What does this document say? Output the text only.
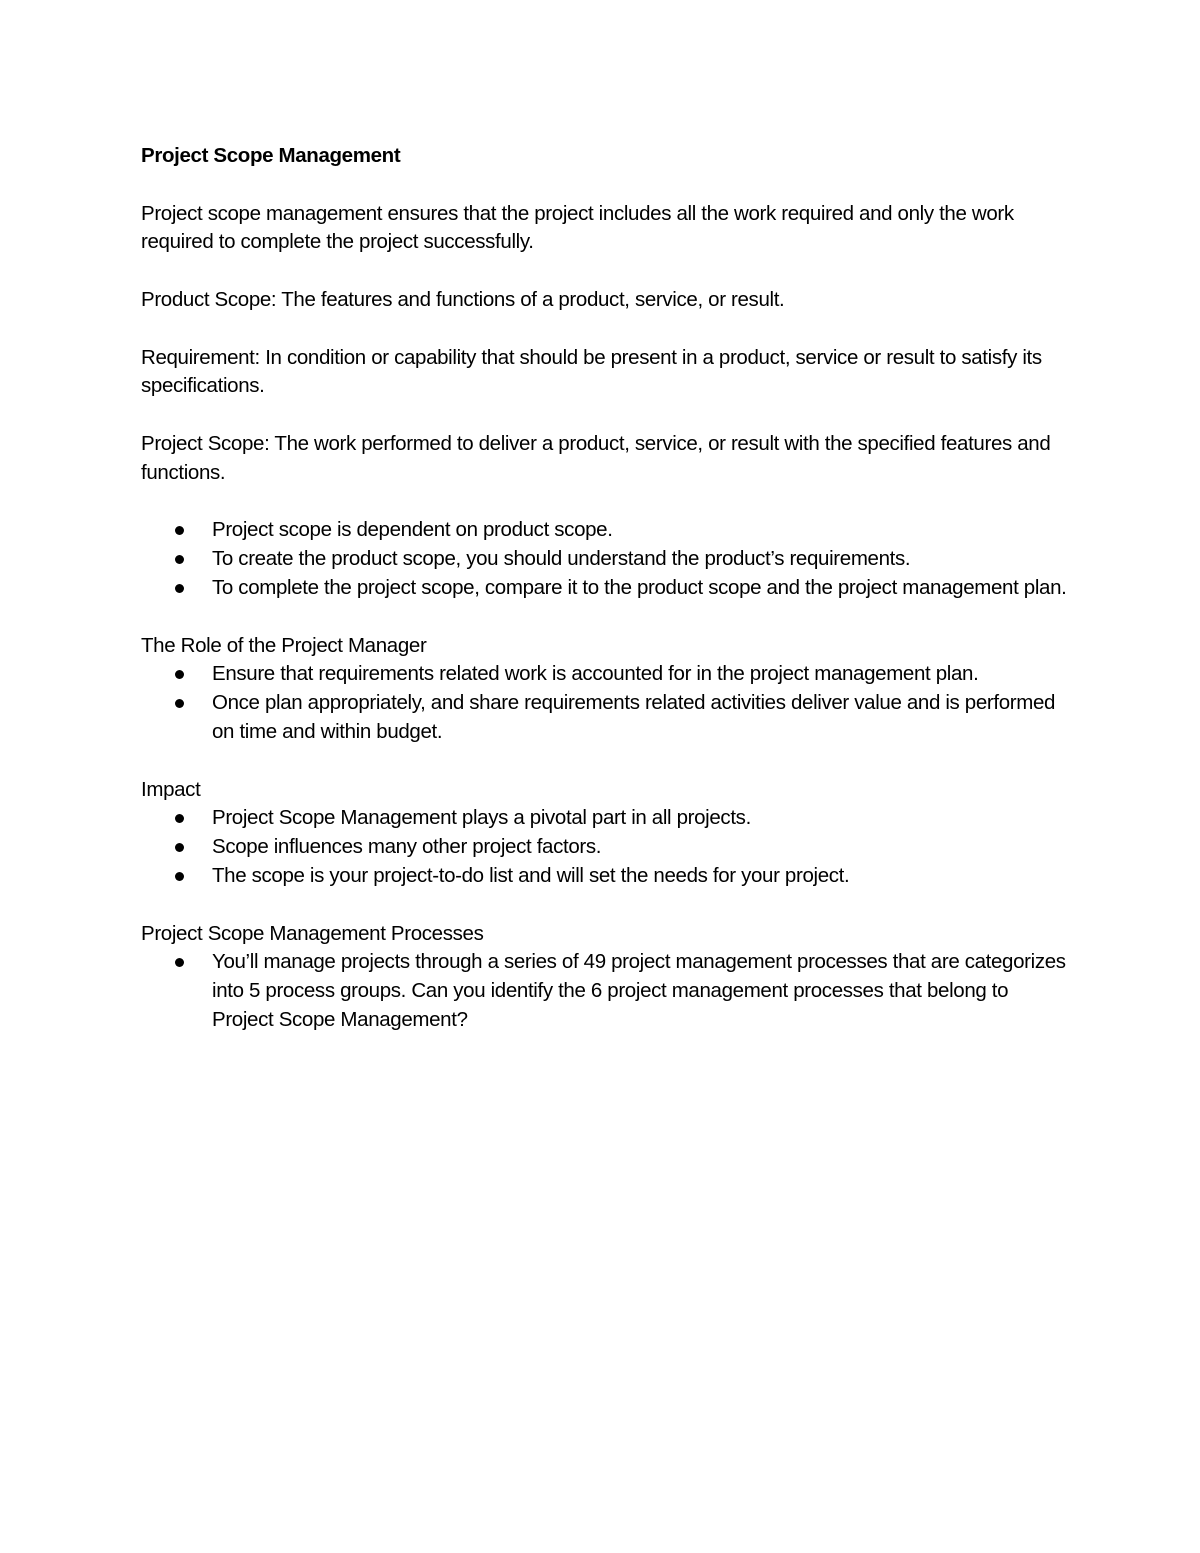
Project Scope Management

Project scope management ensures that the project includes all the work required and only the work required to complete the project successfully.

Product Scope: The features and functions of a product, service, or result.

Requirement: In condition or capability that should be present in a product, service or result to satisfy its specifications.

Project Scope: The work performed to deliver a product, service, or result with the specified features and functions.

Project scope is dependent on product scope.
To create the product scope, you should understand the product’s requirements.
To complete the project scope, compare it to the product scope and the project management plan.
The Role of the Project Manager
Ensure that requirements related work is accounted for in the project management plan.
Once plan appropriately, and share requirements related activities deliver value and is performed on time and within budget.
Impact
Project Scope Management plays a pivotal part in all projects.
Scope influences many other project factors.
The scope is your project-to-do list and will set the needs for your project.
Project Scope Management Processes
You’ll manage projects through a series of 49 project management processes that are categorizes into 5 process groups. Can you identify the 6 project management processes that belong to Project Scope Management?
